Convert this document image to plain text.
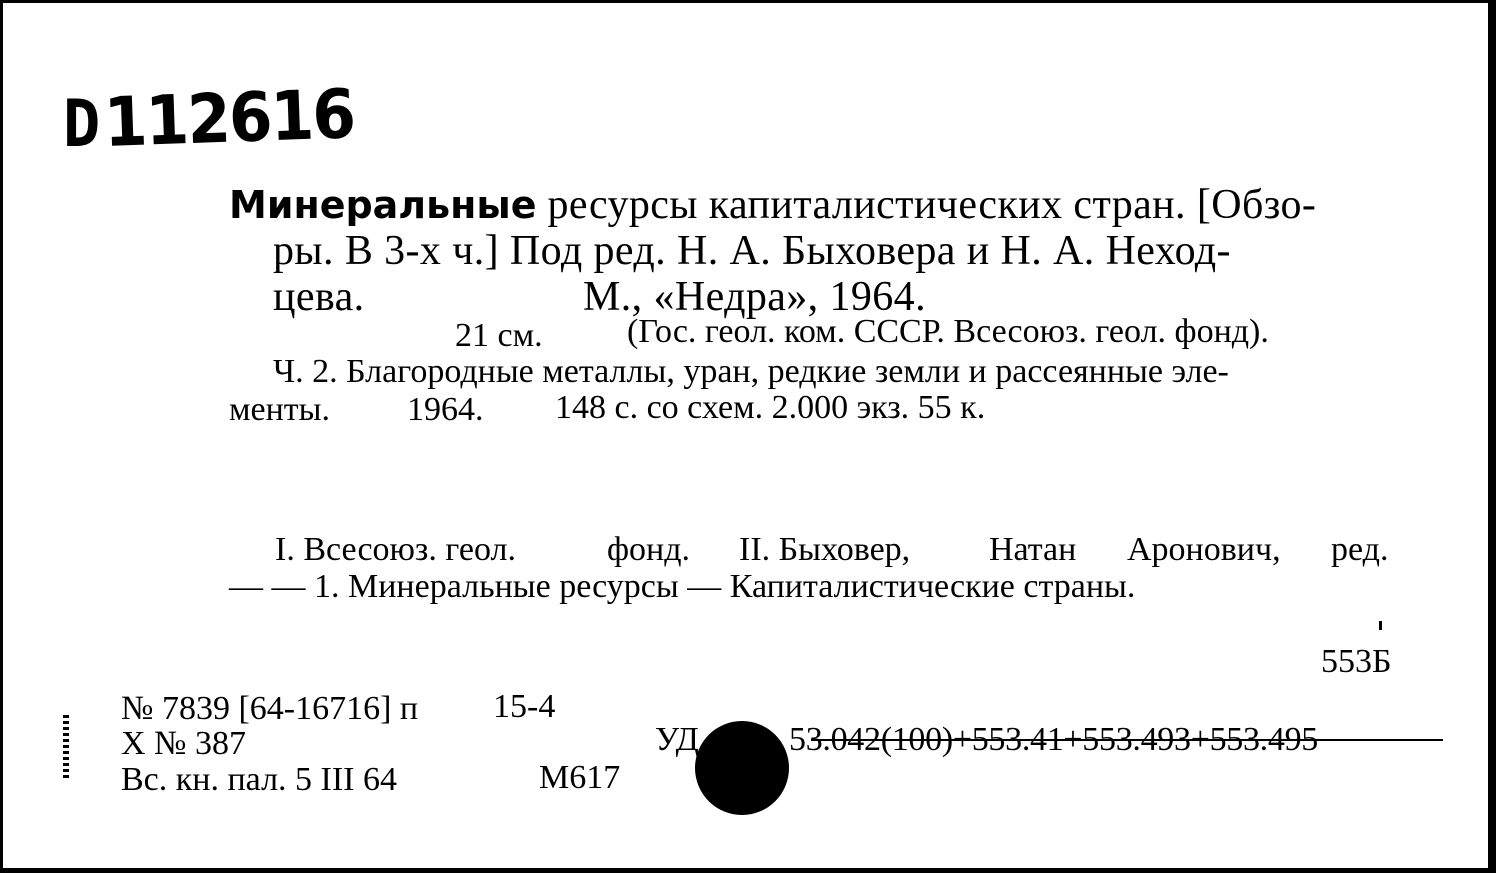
D 112616
Минеральные ресурсы капиталистических стран. [Обзо-
ры. В 3-х ч.] Под ред. Н. А. Быховера и Н. А. Неход-
цева.	М., «Недра», 1964.
21 см. (Гос. геол. ком. СССР. Всесоюз. геол. фонд).
Ч. 2. Благородные металлы, уран, редкие земли и рассеянные эле-
менты. 1964. 148 с. со схем. 2.000 экз. 55 к.
I. Всесоюз. геол.	фонд. II. Быховер, Натан Аронович, ред.
— — 1. Минеральные ресурсы — Капиталистические страны.
553Б
№ 7839 [64-16716] п 15-4
Х № 387
Вс. кн. пал. 5 III 64	М617
УД	53.042(100)+553.41+553.493+553.495
